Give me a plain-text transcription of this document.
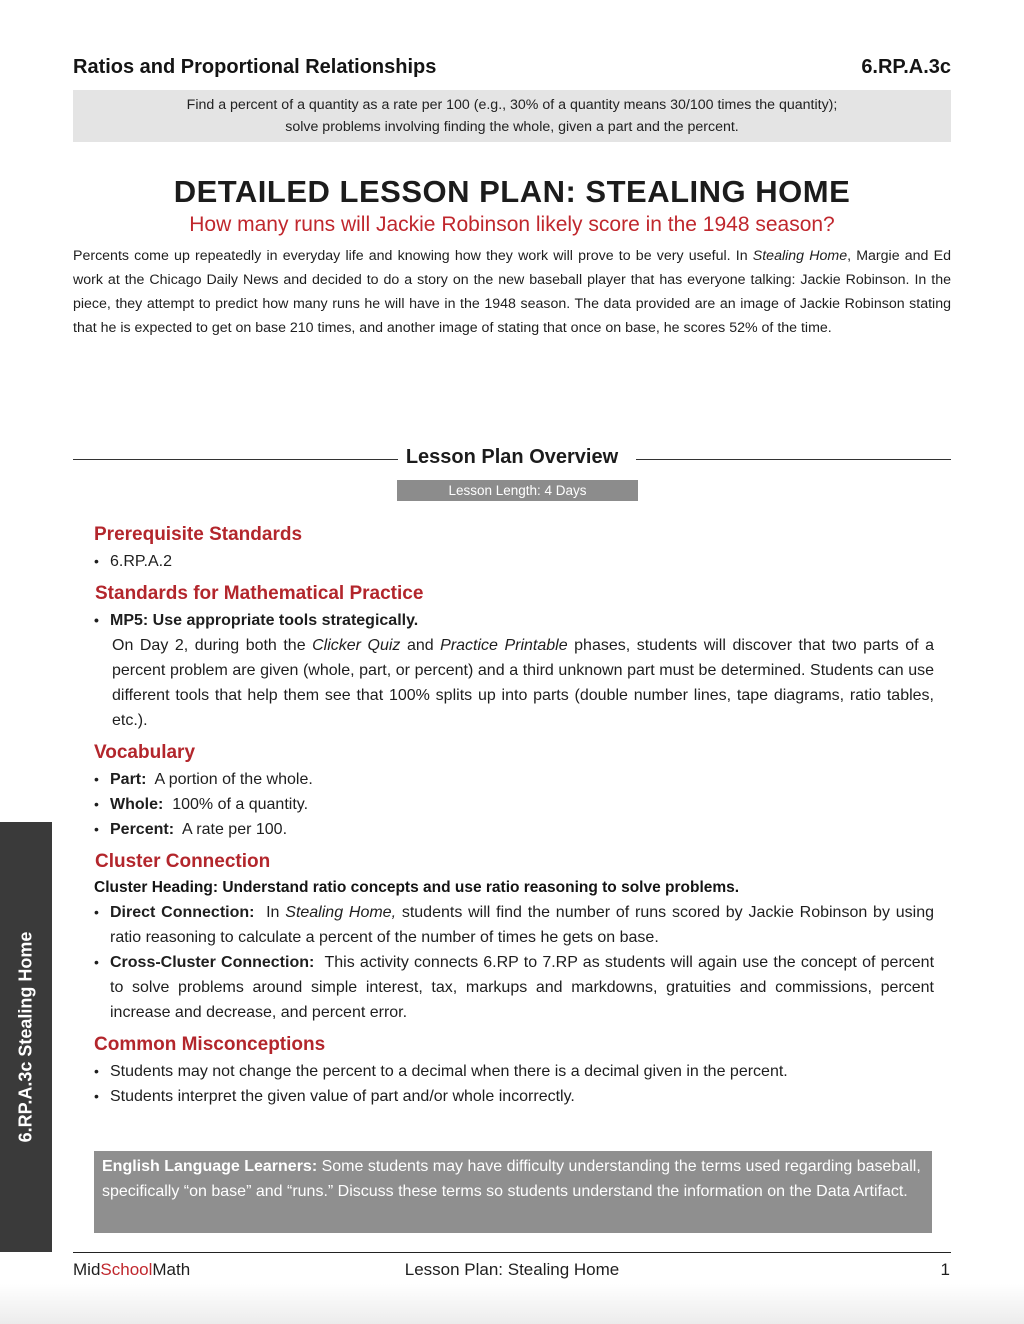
Ratios and Proportional Relationships	6.RP.A.3c
Find a percent of a quantity as a rate per 100 (e.g., 30% of a quantity means 30/100 times the quantity);
solve problems involving finding the whole, given a part and the percent.
DETAILED LESSON PLAN: STEALING HOME
How many runs will Jackie Robinson likely score in the 1948 season?

Percents come up repeatedly in everyday life and knowing how they work will prove to be very useful. In Stealing Home, Margie and Ed work at the Chicago Daily News and decided to do a story on the new baseball player that has everyone talking: Jackie Robinson. In the piece, they attempt to predict how many runs he will have in the 1948 season. The data provided are an image of Jackie Robinson stating that he is expected to get on base 210 times, and another image of stating that once on base, he scores 52% of the time.

Lesson Plan Overview
Lesson Length: 4 Days
Prerequisite Standards
• 6.RP.A.2
Standards for Mathematical Practice
• MP5: Use appropriate tools strategically.

On Day 2, during both the Clicker Quiz and Practice Printable phases, students will discover that two parts of a percent problem are given (whole, part, or percent) and a third unknown part must be determined. Students can use different tools that help them see that 100% splits up into parts (double number lines, tape diagrams, ratio tables, etc.).

Vocabulary
• Part: A portion of the whole.
• Whole: 100% of a quantity.
• Percent: A rate per 100.
Cluster Connection

Cluster Heading: Understand ratio concepts and use ratio reasoning to solve problems.

• Direct Connection: In Stealing Home, students will find the number of runs scored by Jackie Robinson by using ratio reasoning to calculate a percent of the number of times he gets on base.
• Cross-Cluster Connection: This activity connects 6.RP to 7.RP as students will again use the concept of percent to solve problems around simple interest, tax, markups and markdowns, gratuities and commissions, percent increase and decrease, and percent error.
Common Misconceptions
• Students may not change the percent to a decimal when there is a decimal given in the percent.
• Students interpret the given value of part and/or whole incorrectly.
English Language Learners: Some students may have difficulty understanding the terms used regarding baseball, specifically “on base” and “runs.” Discuss these terms so students understand the information on the Data Artifact.
6.RP.A.3c Stealing Home
MidSchoolMath	Lesson Plan: Stealing Home	1
